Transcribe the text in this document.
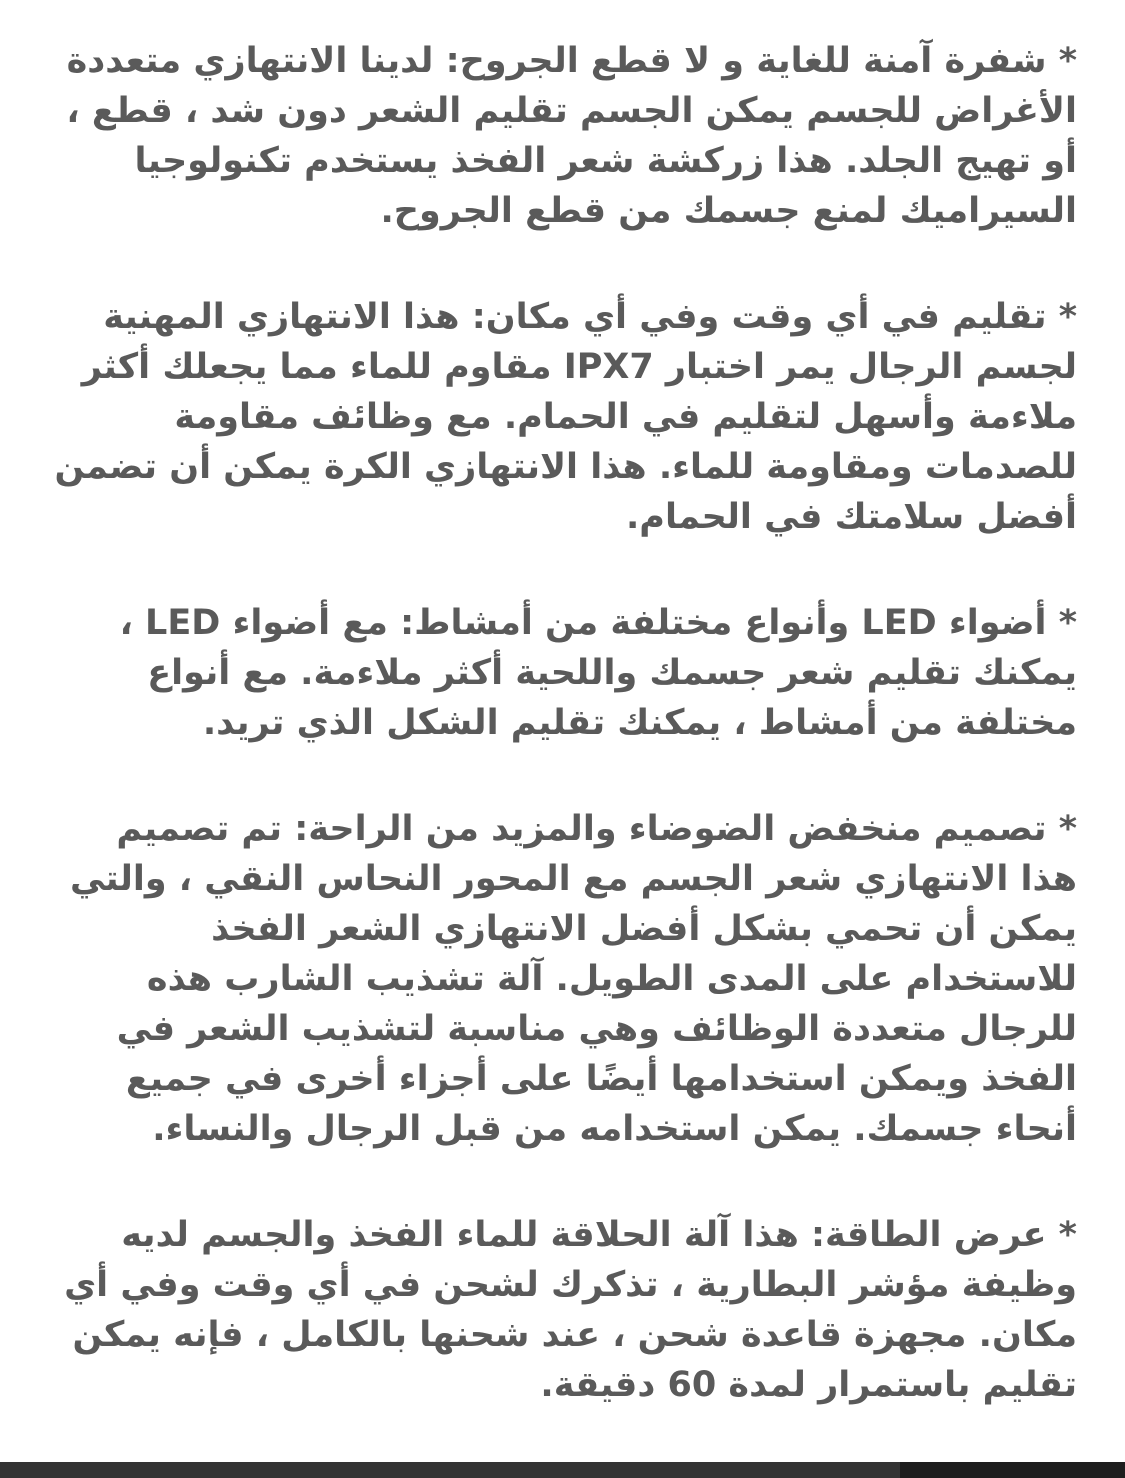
* شفرة آمنة للغاية و لا قطع الجروح: لدينا الانتهازي متعددة
الأغراض للجسم يمكن الجسم تقليم الشعر دون شد ، قطع ،
أو تهيج الجلد. هذا زركشة شعر الفخذ يستخدم تكنولوجيا
السيراميك لمنع جسمك من قطع الجروح.

* تقليم في أي وقت وفي أي مكان: هذا الانتهازي المهنية
لجسم الرجال يمر اختبار IPX7 مقاوم للماء مما يجعلك أكثر
ملاءمة وأسهل لتقليم في الحمام. مع وظائف مقاومة
للصدمات ومقاومة للماء. هذا الانتهازي الكرة يمكن أن تضمن
أفضل سلامتك في الحمام.

* أضواء LED وأنواع مختلفة من أمشاط: مع أضواء LED ،
يمكنك تقليم شعر جسمك واللحية أكثر ملاءمة. مع أنواع
مختلفة من أمشاط ، يمكنك تقليم الشكل الذي تريد.

* تصميم منخفض الضوضاء والمزيد من الراحة: تم تصميم
هذا الانتهازي شعر الجسم مع المحور النحاس النقي ، والتي
يمكن أن تحمي بشكل أفضل الانتهازي الشعر الفخذ
للاستخدام على المدى الطويل. آلة تشذيب الشارب هذه
للرجال متعددة الوظائف وهي مناسبة لتشذيب الشعر في
الفخذ ويمكن استخدامها أيضًا على أجزاء أخرى في جميع
أنحاء جسمك. يمكن استخدامه من قبل الرجال والنساء.

* عرض الطاقة: هذا آلة الحلاقة للماء الفخذ والجسم لديه
وظيفة مؤشر البطارية ، تذكرك لشحن في أي وقت وفي أي
مكان. مجهزة قاعدة شحن ، عند شحنها بالكامل ، فإنه يمكن
تقليم باستمرار لمدة 60 دقيقة.
